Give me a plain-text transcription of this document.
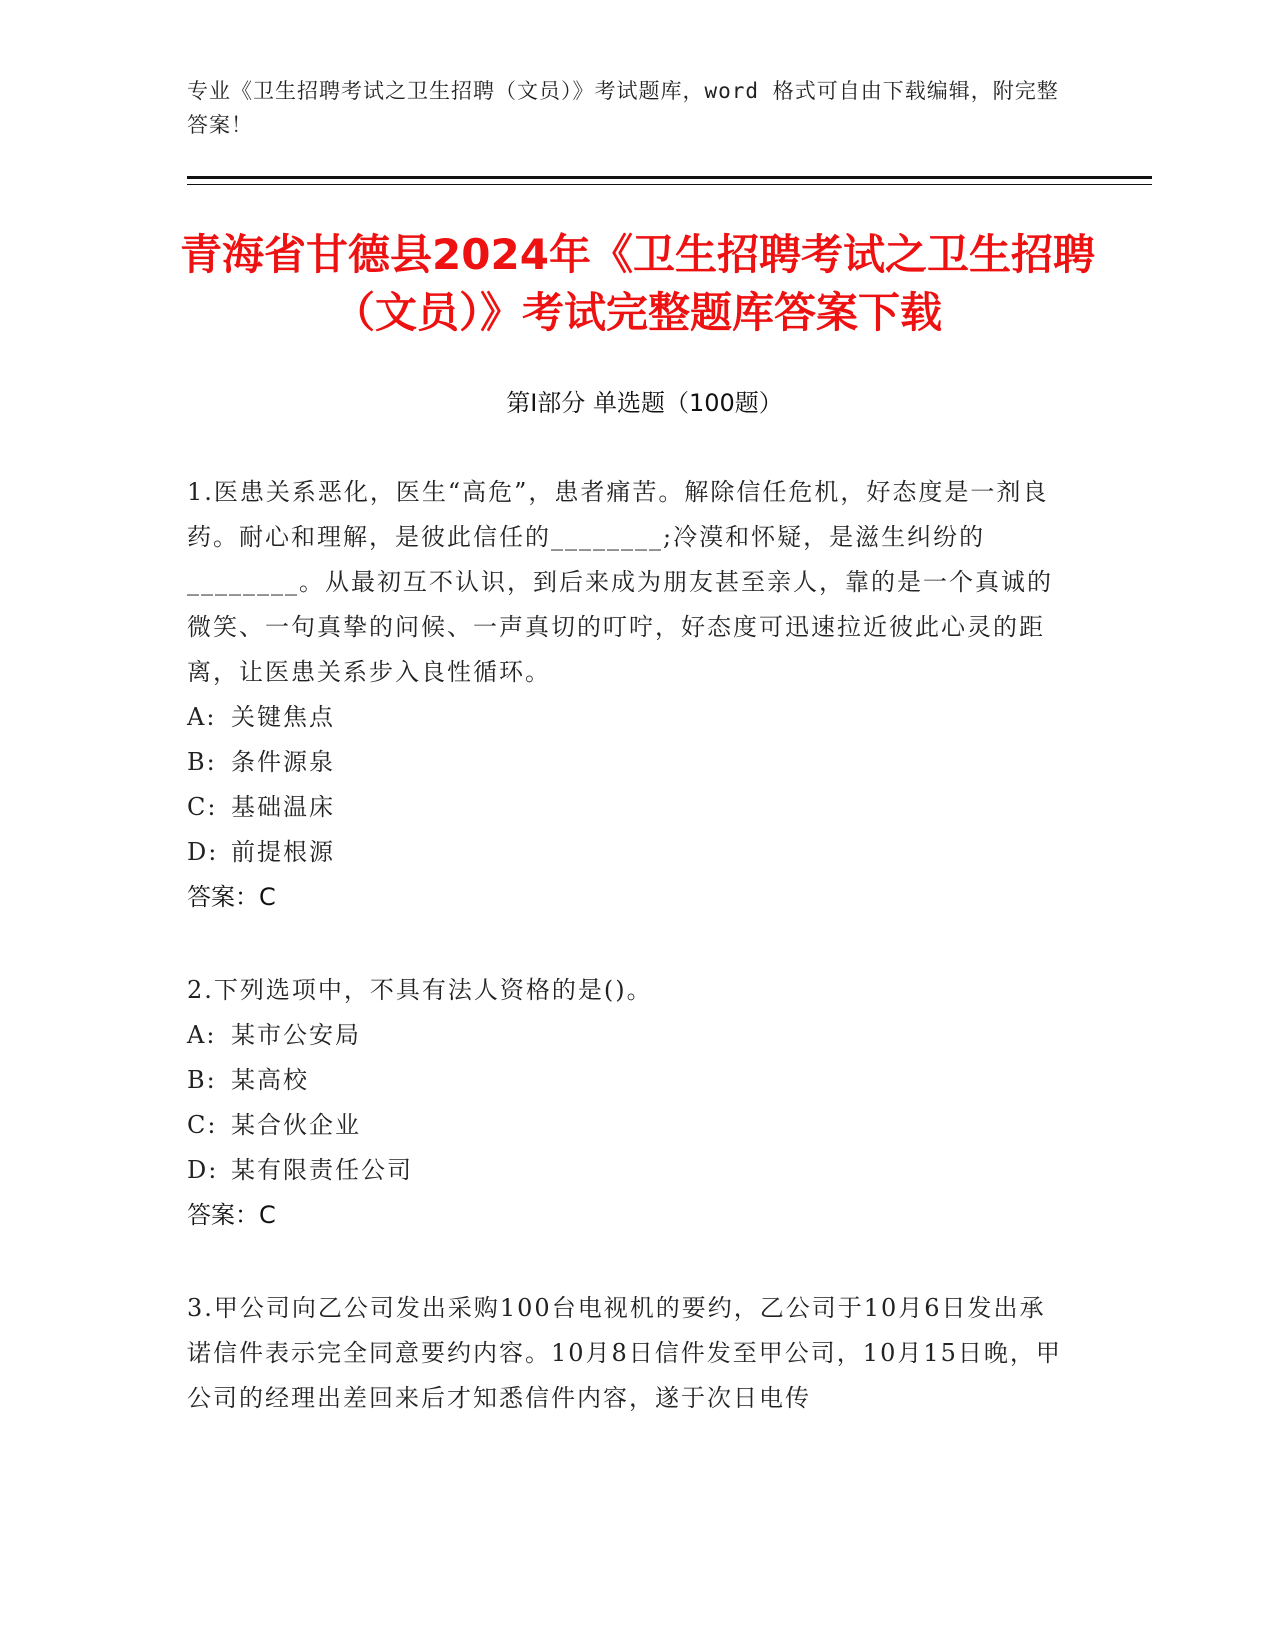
专业《卫生招聘考试之卫生招聘（文员）》考试题库，word 格式可自由下载编辑，附完整答案！
青海省甘德县2024年《卫生招聘考试之卫生招聘（文员）》考试完整题库答案下载
第Ⅰ部分 单选题（100题）

1.医患关系恶化，医生“高危”，患者痛苦。解除信任危机，好态度是一剂良药。耐心和理解，是彼此信任的________;冷漠和怀疑，是滋生纠纷的________。从最初互不认识，到后来成为朋友甚至亲人，靠的是一个真诚的微笑、一句真挚的问候、一声真切的叮咛，好态度可迅速拉近彼此心灵的距离，让医患关系步入良性循环。

A: 关键焦点

B: 条件源泉

C: 基础温床

D: 前提根源

答案：C

2.下列选项中，不具有法人资格的是()。

A: 某市公安局

B: 某高校

C: 某合伙企业

D: 某有限责任公司

答案：C

3.甲公司向乙公司发出采购100台电视机的要约，乙公司于10月6日发出承诺信件表示完全同意要约内容。10月8日信件发至甲公司，10月15日晚，甲公司的经理出差回来后才知悉信件内容，遂于次日电传
